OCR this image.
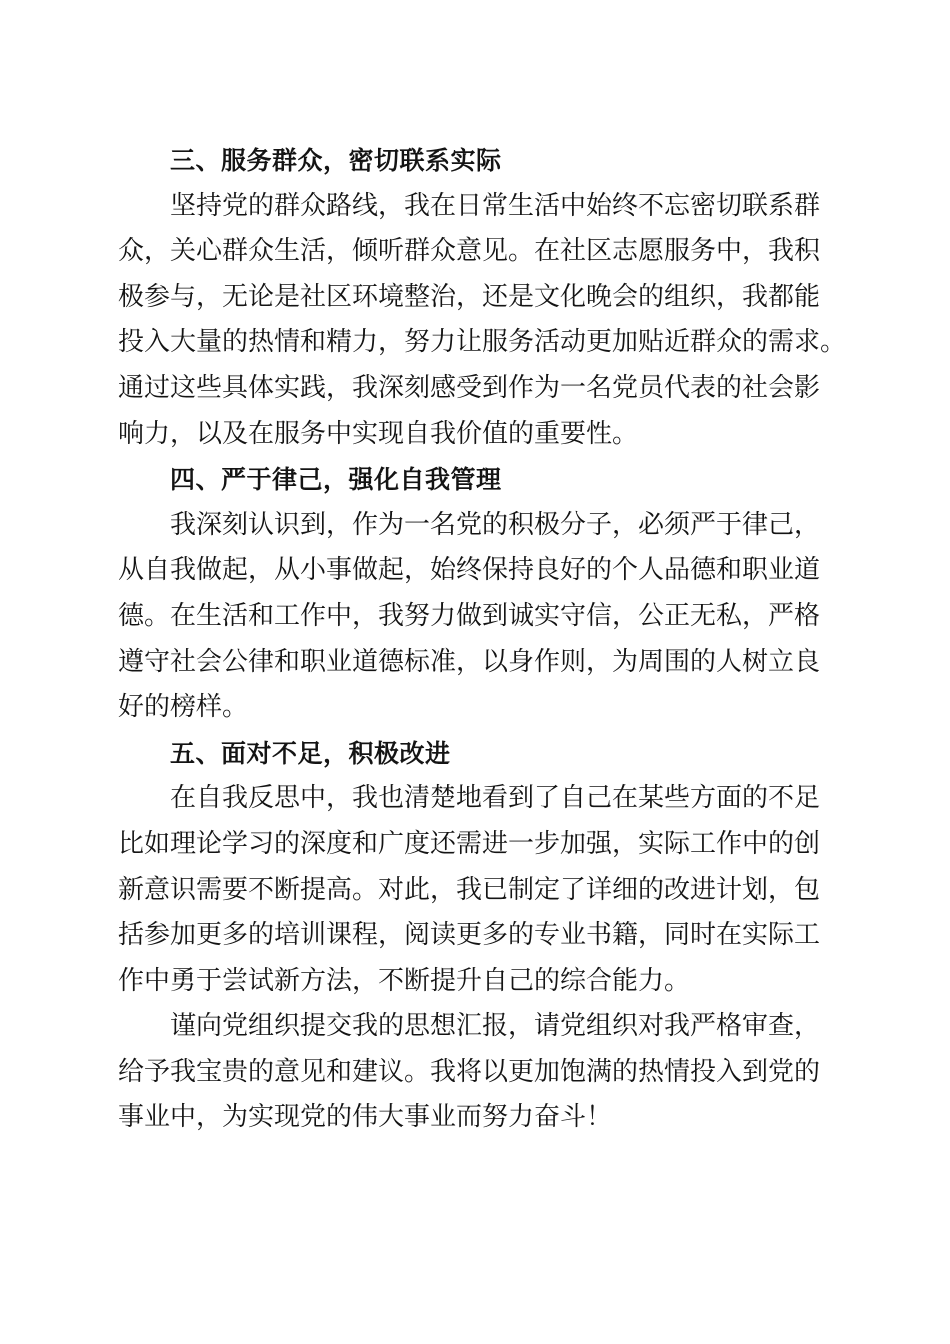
三、服务群众，密切联系实际

坚持党的群众路线，我在日常生活中始终不忘密切联系群

众，关心群众生活，倾听群众意见。在社区志愿服务中，我积

极参与，无论是社区环境整治，还是文化晚会的组织，我都能

投入大量的热情和精力，努力让服务活动更加贴近群众的需求。

通过这些具体实践，我深刻感受到作为一名党员代表的社会影

响力，以及在服务中实现自我价值的重要性。

四、严于律己，强化自我管理

我深刻认识到，作为一名党的积极分子，必须严于律己，

从自我做起，从小事做起，始终保持良好的个人品德和职业道

德。在生活和工作中，我努力做到诚实守信，公正无私，严格

遵守社会公律和职业道德标准，以身作则，为周围的人树立良

好的榜样。

五、面对不足，积极改进

在自我反思中，我也清楚地看到了自己在某些方面的不足

比如理论学习的深度和广度还需进一步加强，实际工作中的创

新意识需要不断提高。对此，我已制定了详细的改进计划，包

括参加更多的培训课程，阅读更多的专业书籍，同时在实际工

作中勇于尝试新方法，不断提升自己的综合能力。

谨向党组织提交我的思想汇报，请党组织对我严格审查，

给予我宝贵的意见和建议。我将以更加饱满的热情投入到党的

事业中，为实现党的伟大事业而努力奋斗！
